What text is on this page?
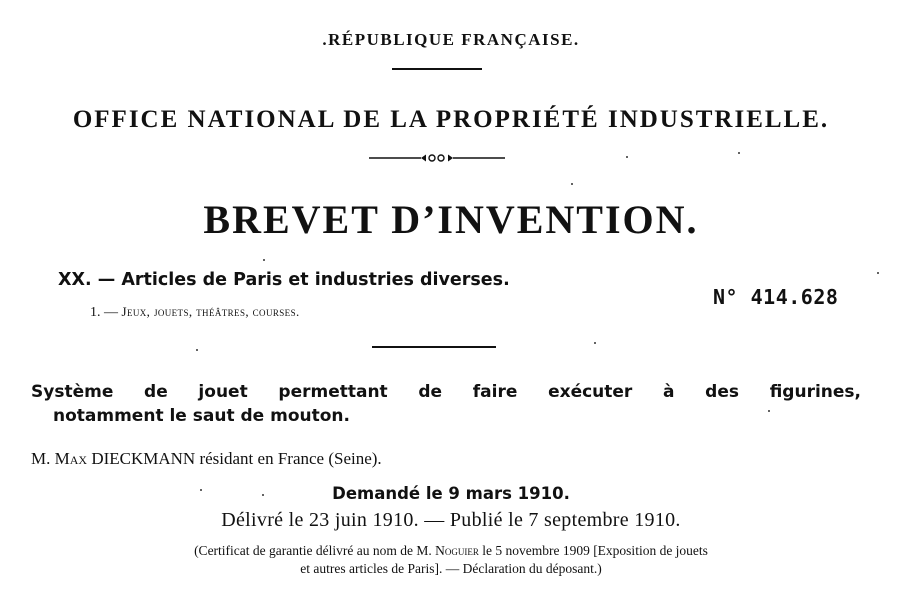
.RÉPUBLIQUE FRANÇAISE.
OFFICE NATIONAL DE LA PROPRIÉTÉ INDUSTRIELLE.
BREVET D’INVENTION.
XX. — Articles de Paris et industries diverses.
1. — Jeux, jouets, théâtres, courses.
N° 414.628
Système de jouet permettant de faire exécuter à des figurines,
notamment le saut de mouton.
M. Max DIECKMANN résidant en France (Seine).
Demandé le 9 mars 1910.
Délivré le 23 juin 1910. — Publié le 7 septembre 1910.
(Certificat de garantie délivré au nom de M. Noguier le 5 novembre 1909 [Exposition de jouets
et autres articles de Paris]. — Déclaration du déposant.)
